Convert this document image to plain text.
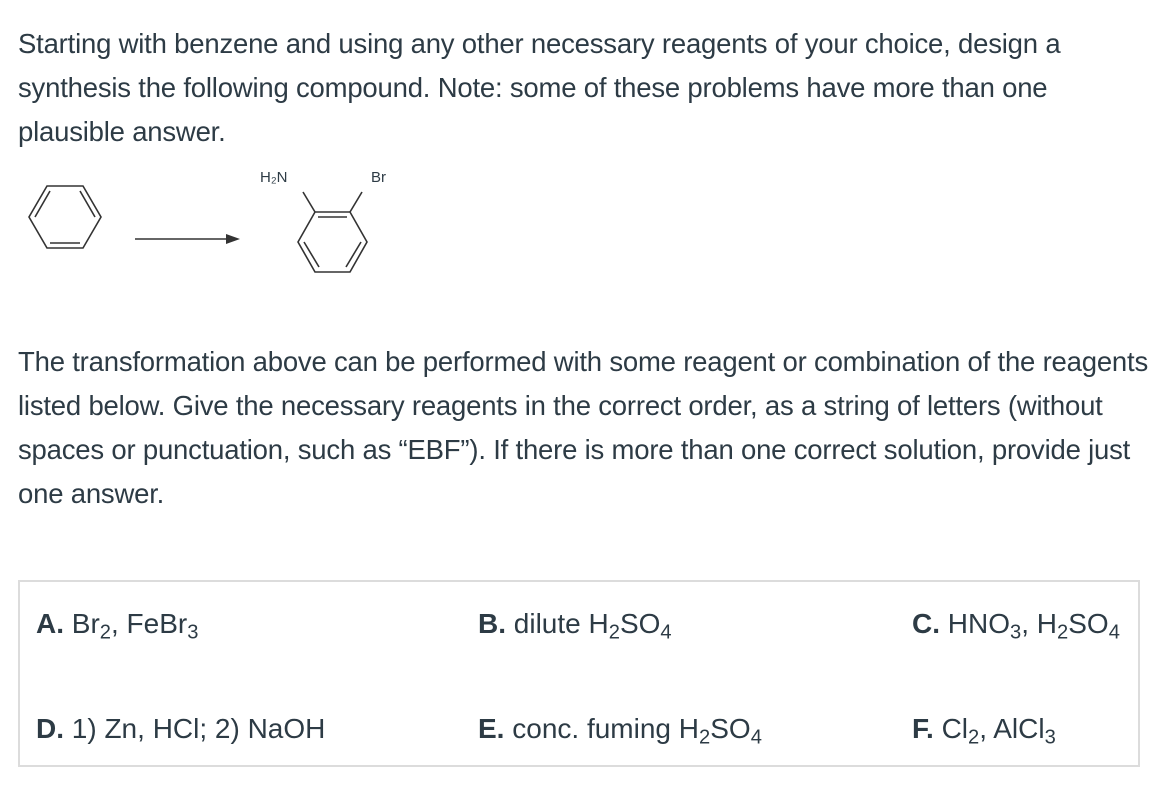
Starting with benzene and using any other necessary reagents of your choice, design a synthesis the following compound. Note: some of these problems have more than one plausible answer.
H₂N	Br
The transformation above can be performed with some reagent or combination of the reagents listed below. Give the necessary reagents in the correct order, as a string of letters (without spaces or punctuation, such as “EBF”). If there is more than one correct solution, provide just one answer.
A. $Br_2$, FeBr$_3$	B. dilute $H_2SO_4$	C. $HNO_3$, $H_2SO_4$
D. 1) Zn, HCl; 2) NaOH	E. conc. fuming $H_2SO_4$	F. $Cl_2$, AlCl$_3$
